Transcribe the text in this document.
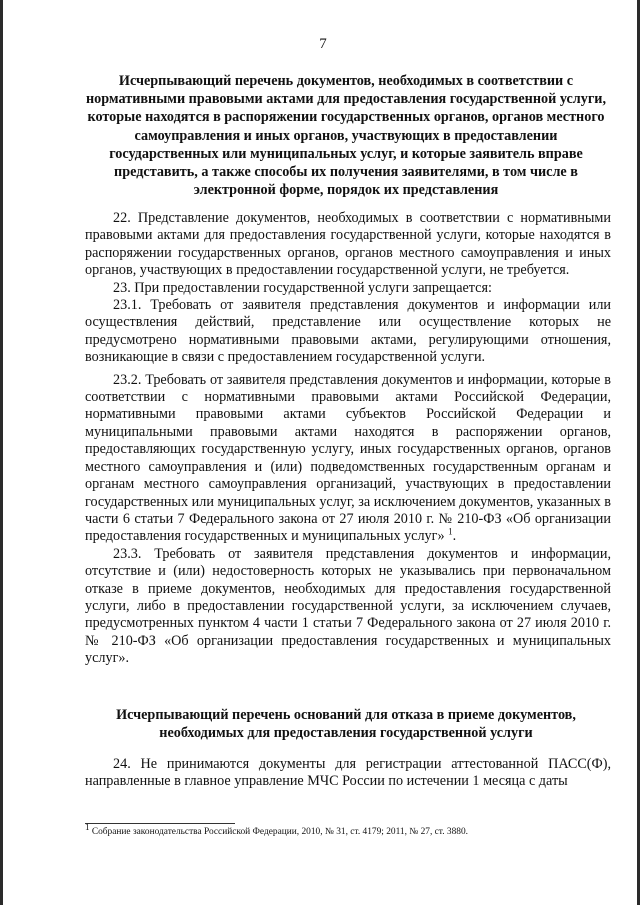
7
Исчерпывающий перечень документов, необходимых в соответствии с нормативными правовыми актами для предоставления государственной услуги, которые находятся в распоряжении государственных органов, органов местного самоуправления и иных органов, участвующих в предоставлении государственных или муниципальных услуг, и которые заявитель вправе представить, а также способы их получения заявителями, в том числе в электронной форме, порядок их представления

22. Представление документов, необходимых в соответствии с нормативными правовыми актами для предоставления государственной услуги, которые находятся в распоряжении государственных органов, органов местного самоуправления и иных органов, участвующих в предоставлении государственной услуги, не требуется.

23. При предоставлении государственной услуги запрещается:

23.1. Требовать от заявителя представления документов и информации или осуществления действий, представление или осуществление которых не предусмотрено нормативными правовыми актами, регулирующими отношения, возникающие в связи с предоставлением государственной услуги.

23.2. Требовать от заявителя представления документов и информации, которые в соответствии с нормативными правовыми актами Российской Федерации, нормативными правовыми актами субъектов Российской Федерации и муниципальными правовыми актами находятся в распоряжении органов, предоставляющих государственную услугу, иных государственных органов, органов местного самоуправления и (или) подведомственных государственным органам и органам местного самоуправления организаций, участвующих в предоставлении государственных или муниципальных услуг, за исключением документов, указанных в части 6 статьи 7 Федерального закона от 27 июля 2010 г. № 210-ФЗ «Об организации предоставления государственных и муниципальных услуг» $^1$.

23.3. Требовать от заявителя представления документов и информации, отсутствие и (или) недостоверность которых не указывались при первоначальном отказе в приеме документов, необходимых для предоставления государственной услуги, либо в предоставлении государственной услуги, за исключением случаев, предусмотренных пунктом 4 части 1 статьи 7 Федерального закона от 27 июля 2010 г. № 210-ФЗ «Об организации предоставления государственных и муниципальных услуг».

Исчерпывающий перечень оснований для отказа в приеме документов, необходимых для предоставления государственной услуги

24. Не принимаются документы для регистрации аттестованной ПАСС(Ф), направленные в главное управление МЧС России по истечении 1 месяца с даты

$^1$ Собрание законодательства Российской Федерации, 2010, № 31, ст. 4179; 2011, № 27, ст. 3880.
